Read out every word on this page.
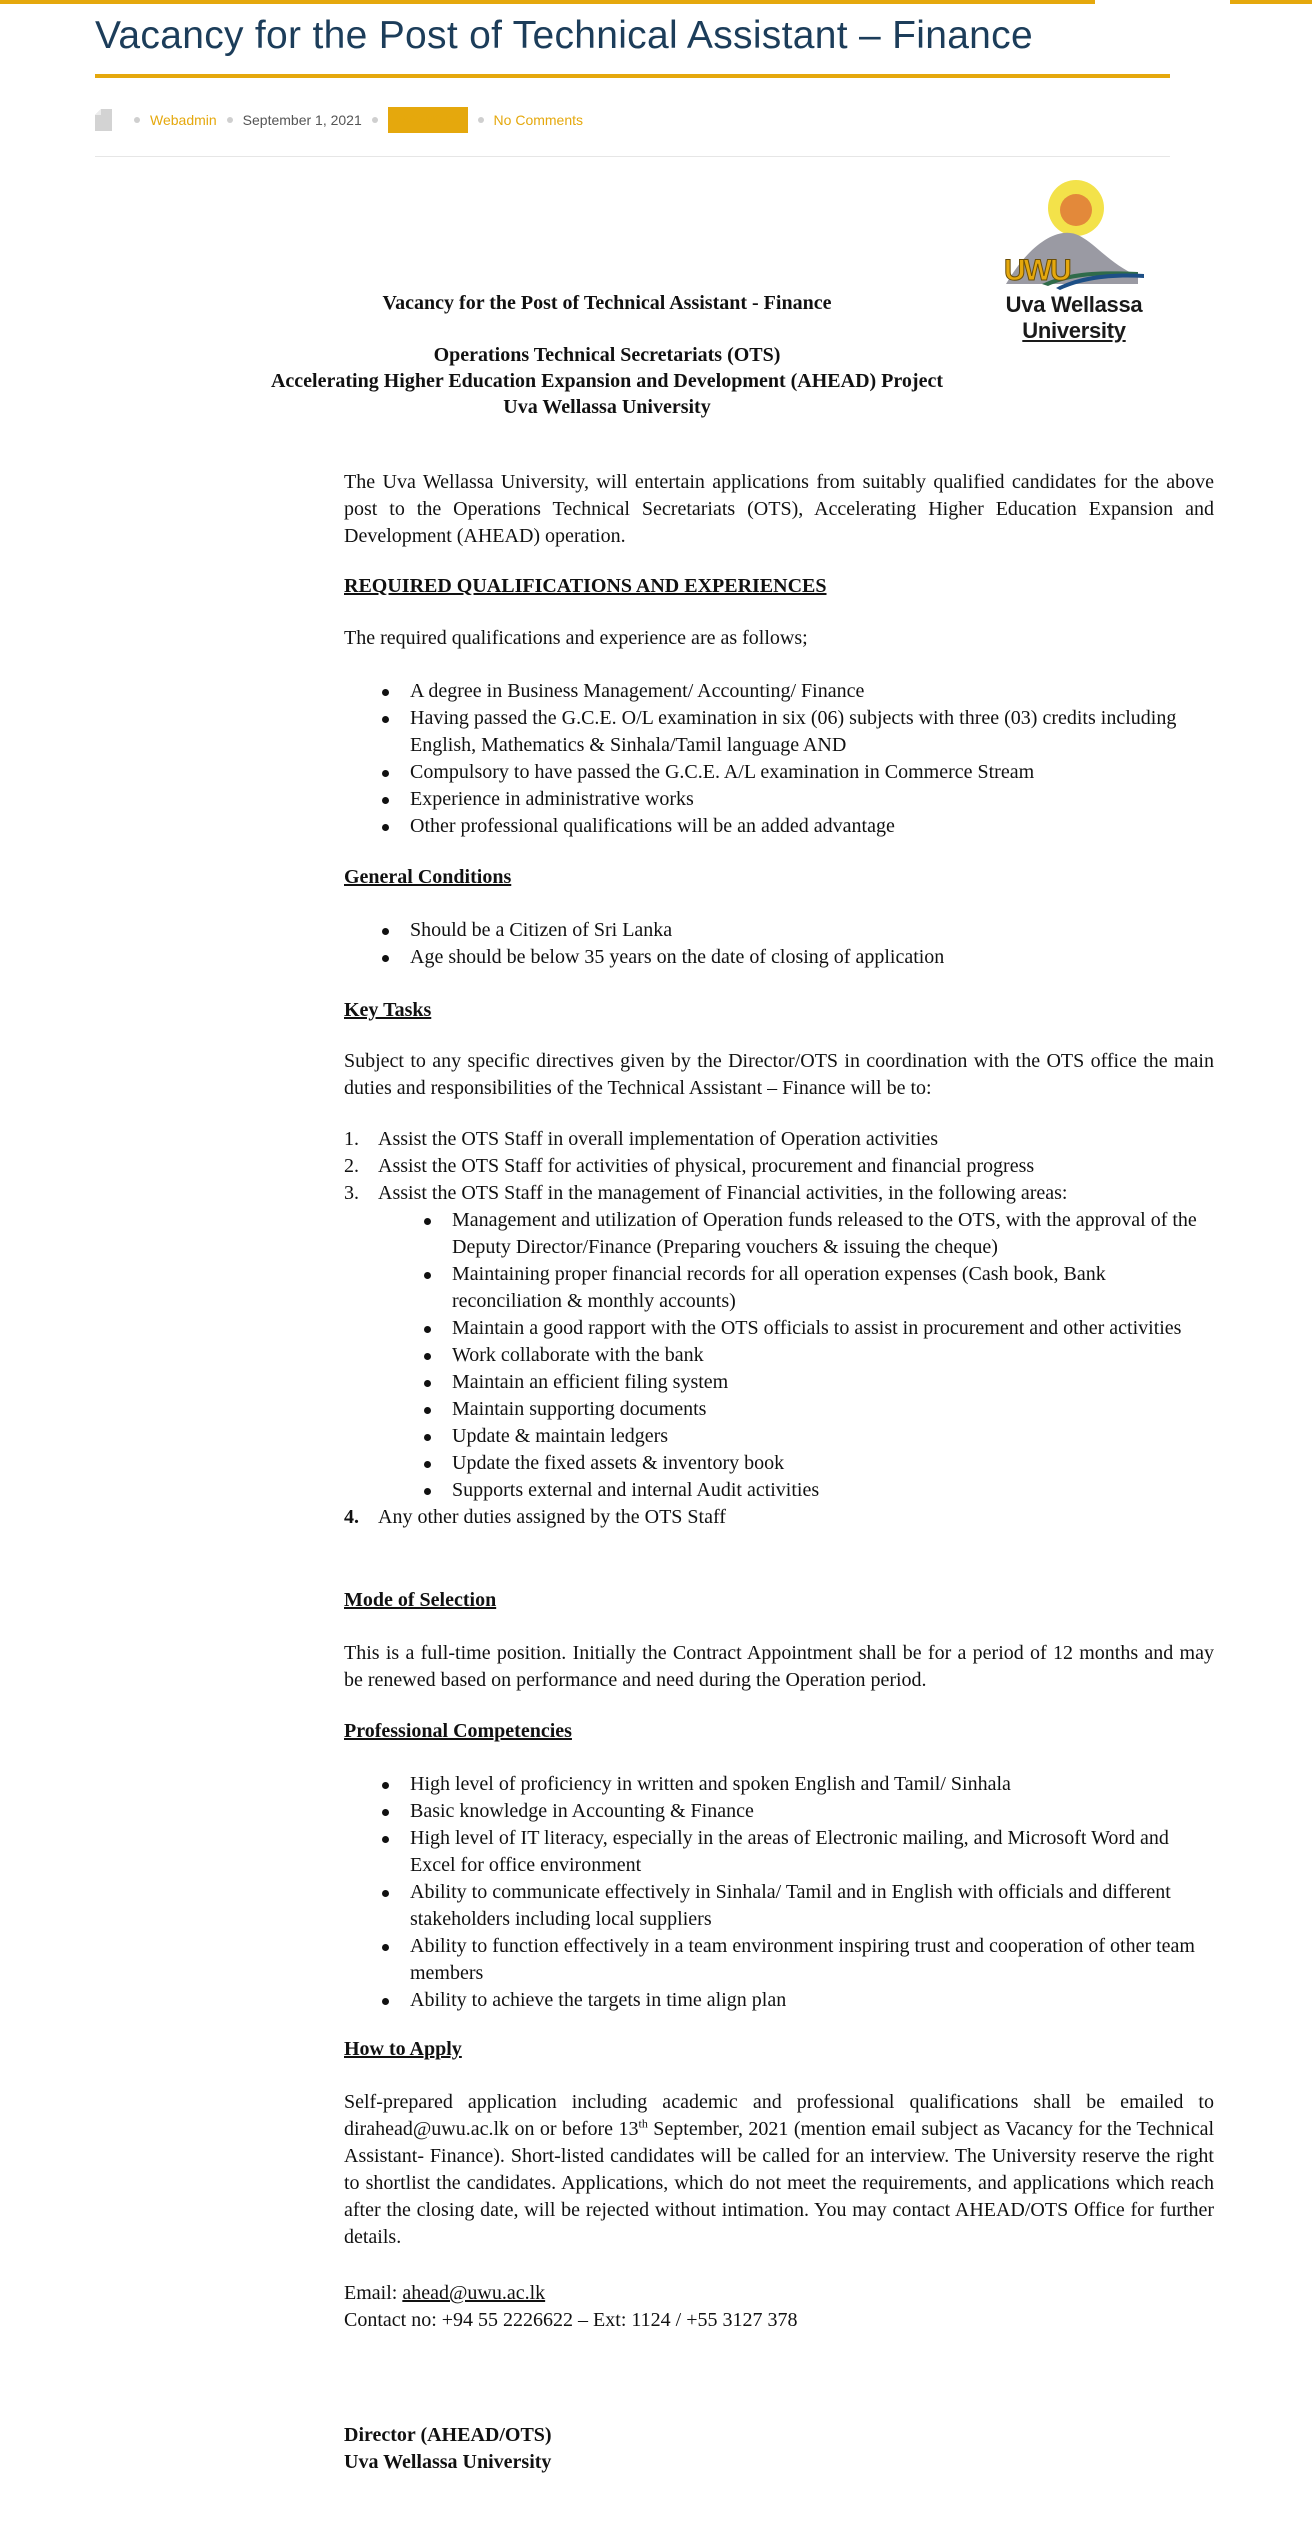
Vacancy for the Post of Technical Assistant – Finance
Webadmin September 1, 2021	VACANCIES	No Comments
UWU
Uva Wellassa
University
Vacancy for the Post of Technical Assistant - Finance
Operations Technical Secretariats (OTS)
Accelerating Higher Education Expansion and Development (AHEAD) Project
Uva Wellassa University

The Uva Wellassa University, will entertain applications from suitably qualified candidates for the above post to the Operations Technical Secretariats (OTS), Accelerating Higher Education Expansion and Development (AHEAD) operation.

REQUIRED QUALIFICATIONS AND EXPERIENCES

The required qualifications and experience are as follows;

A degree in Business Management/ Accounting/ Finance
Having passed the G.C.E. O/L examination in six (06) subjects with three (03) credits including English, Mathematics & Sinhala/Tamil language AND
Compulsory to have passed the G.C.E. A/L examination in Commerce Stream
Experience in administrative works
Other professional qualifications will be an added advantage
General Conditions
Should be a Citizen of Sri Lanka
Age should be below 35 years on the date of closing of application
Key Tasks

Subject to any specific directives given by the Director/OTS in coordination with the OTS office the main duties and responsibilities of the Technical Assistant – Finance will be to:

1. Assist the OTS Staff in overall implementation of Operation activities
2. Assist the OTS Staff for activities of physical, procurement and financial progress
3. Assist the OTS Staff in the management of Financial activities, in the following areas:
Management and utilization of Operation funds released to the OTS, with the approval of the Deputy Director/Finance (Preparing vouchers & issuing the cheque)
Maintaining proper financial records for all operation expenses (Cash book, Bank reconciliation & monthly accounts)
Maintain a good rapport with the OTS officials to assist in procurement and other activities
Work collaborate with the bank
Maintain an efficient filing system
Maintain supporting documents
Update & maintain ledgers
Update the fixed assets & inventory book
Supports external and internal Audit activities
4. Any other duties assigned by the OTS Staff
Mode of Selection

This is a full-time position. Initially the Contract Appointment shall be for a period of 12 months and may be renewed based on performance and need during the Operation period.

Professional Competencies
High level of proficiency in written and spoken English and Tamil/ Sinhala
Basic knowledge in Accounting & Finance
High level of IT literacy, especially in the areas of Electronic mailing, and Microsoft Word and Excel for office environment
Ability to communicate effectively in Sinhala/ Tamil and in English with officials and different stakeholders including local suppliers
Ability to function effectively in a team environment inspiring trust and cooperation of other team members
Ability to achieve the targets in time align plan
How to Apply

Self-prepared application including academic and professional qualifications shall be emailed to dirahead@uwu.ac.lk on or before 13th September, 2021 (mention email subject as Vacancy for the Technical Assistant- Finance). Short-listed candidates will be called for an interview. The University reserve the right to shortlist the candidates. Applications, which do not meet the requirements, and applications which reach after the closing date, will be rejected without intimation. You may contact AHEAD/OTS Office for further details.

Email: ahead@uwu.ac.lk

Contact no: +94 55 2226622 – Ext: 1124 / +55 3127 378

Director (AHEAD/OTS)

Uva Wellassa University
